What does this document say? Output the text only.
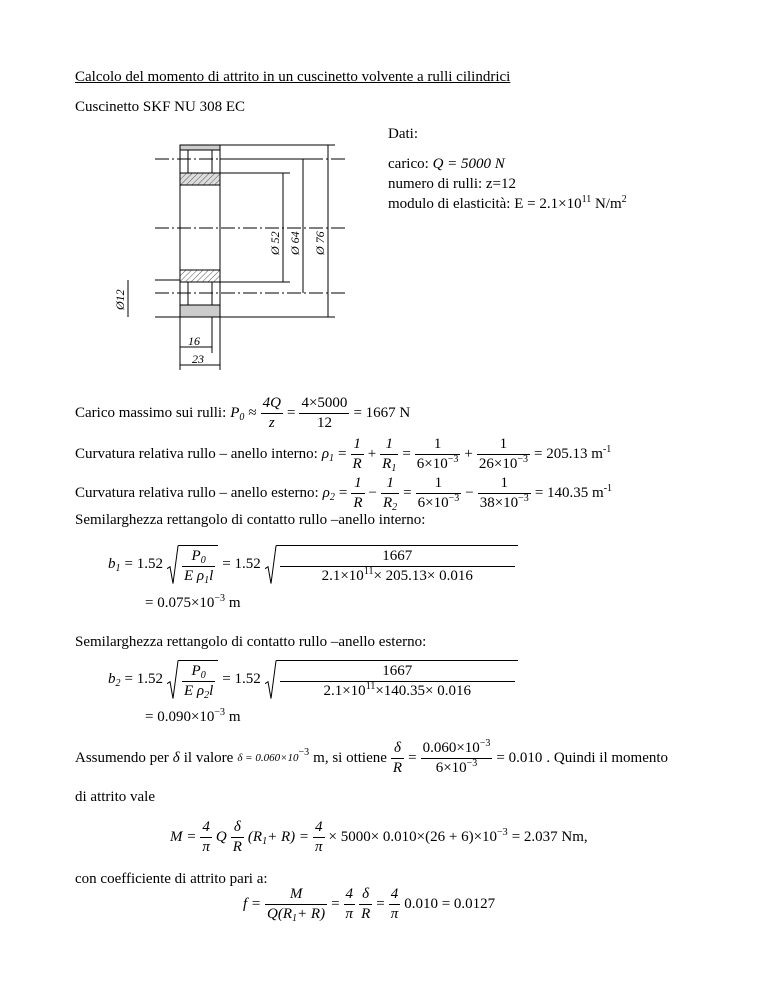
Calcolo del momento di attrito in un cuscinetto volvente a rulli cilindrici
Cuscinetto SKF NU 308 EC
Dati:
carico: Q = 5000 N
numero di rulli: z=12
modulo di elasticità: $E = 2.1\times 10^{11}$ $N/m^2$
Ø 52 Ø 64 Ø 76
Ø12
16
23
Carico massimo sui rulli: $P_0 \approx \frac{4Q}{z} = \frac{4\times 5000}{12} = 1667$ N
Curvatura relativa rullo – anello interno: $\rho_1 = \frac{1}{R} + \frac{1}{R_1} = \frac{1}{6\times 10^{-3}} + \frac{1}{26\times 10^{-3}} = 205.13$ $m^{-1}$
Curvatura relativa rullo – anello esterno: $\rho_2 = \frac{1}{R} - \frac{1}{R_2} = \frac{1}{6\times 10^{-3}} - \frac{1}{38\times 10^{-3}} = 140.35$ $m^{-1}$
Semilarghezza rettangolo di contatto rullo –anello interno:
$b_1 = 1.52 \frac{P_0}{E \rho_1l} = 1.52 \frac{1667}{2.1\times 10^{11}\times 205.13\times 0.016}$
= $0.075\times 10^{-3}$ m
Semilarghezza rettangolo di contatto rullo –anello esterno:
$b_2 = 1.52 \frac{P_0}{E \rho_2l} = 1.52 \frac{1667}{2.1\times 10^{11}\times 140.35\times 0.016}$
= $0.090\times 10^{-3}$ m
Assumendo per δ il valore $\delta = 0.060\times 10^{-3}$ m, si ottiene $\frac{\delta}{R} = \frac{0.060\times 10^{-3}}{6\times 10^{-3}} = 0.010$ . Quindi il momento
di attrito vale
$M = \frac{4}{\pi}$ Q $\frac{\delta}{R} (R_1+ R) = \frac{4}{\pi} \times 5000\times 0.010\times(26 + 6)\times 10^{-3} = 2.037$ Nm,
con coefficiente di attrito pari a:
$f = \frac{M}{Q(R_1+ R)} = \frac{4}{\pi} \frac{\delta}{R} = \frac{4}{\pi} 0.010 = 0.0127$
